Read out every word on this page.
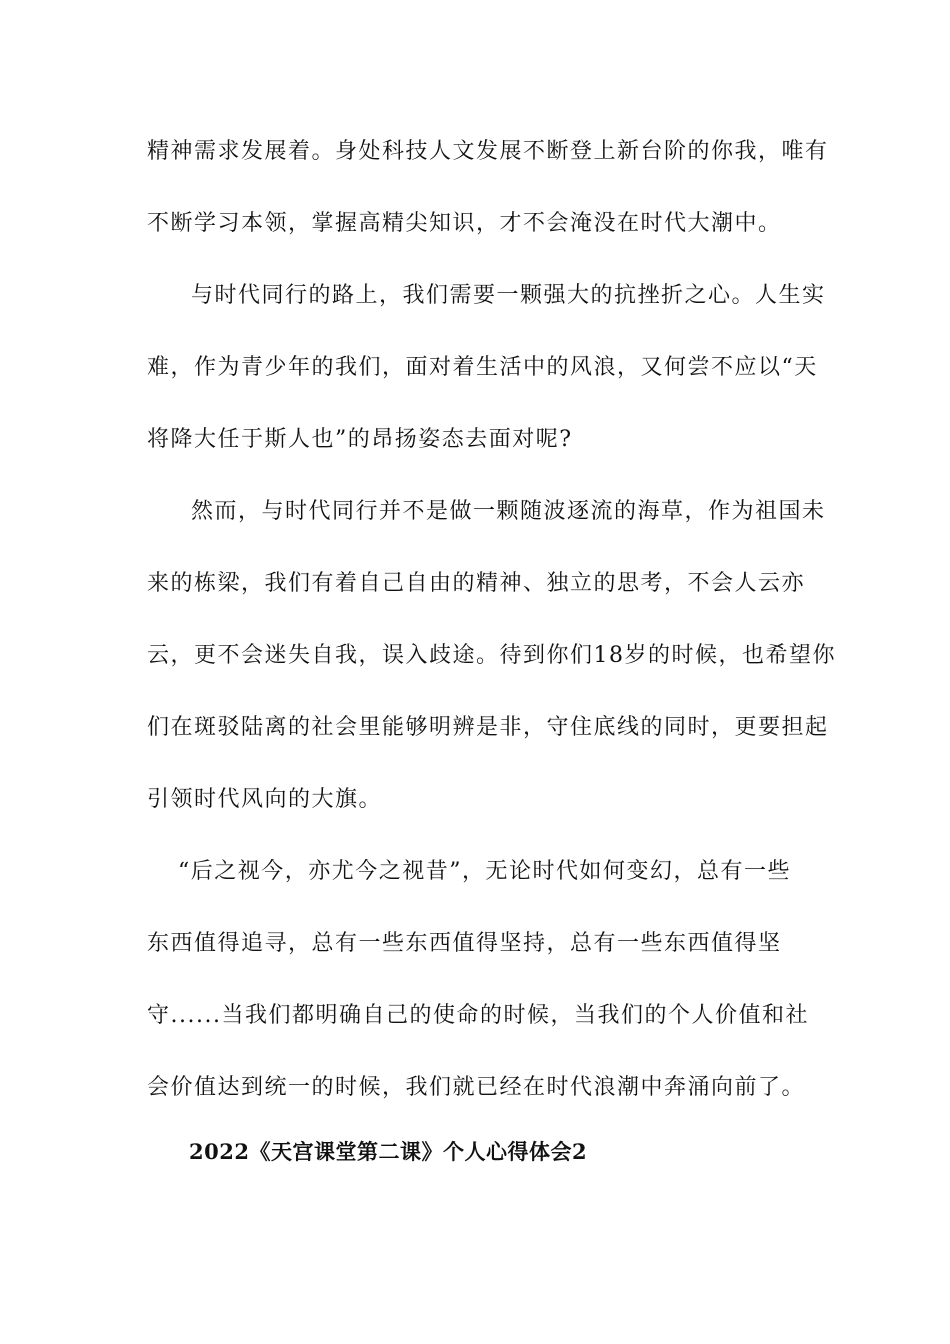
精神需求发展着。身处科技人文发展不断登上新台阶的你我，唯有
不断学习本领，掌握高精尖知识，才不会淹没在时代大潮中。
与时代同行的路上，我们需要一颗强大的抗挫折之心。人生实
难，作为青少年的我们，面对着生活中的风浪，又何尝不应以“天
将降大任于斯人也”的昂扬姿态去面对呢?
然而，与时代同行并不是做一颗随波逐流的海草，作为祖国未
来的栋梁，我们有着自己自由的精神、独立的思考，不会人云亦
云，更不会迷失自我，误入歧途。待到你们18岁的时候，也希望你
们在斑驳陆离的社会里能够明辨是非，守住底线的同时，更要担起
引领时代风向的大旗。
“后之视今，亦尤今之视昔”，无论时代如何变幻，总有一些
东西值得追寻，总有一些东西值得坚持，总有一些东西值得坚
守......当我们都明确自己的使命的时候，当我们的个人价值和社
会价值达到统一的时候，我们就已经在时代浪潮中奔涌向前了。
2022《天宫课堂第二课》个人心得体会2
